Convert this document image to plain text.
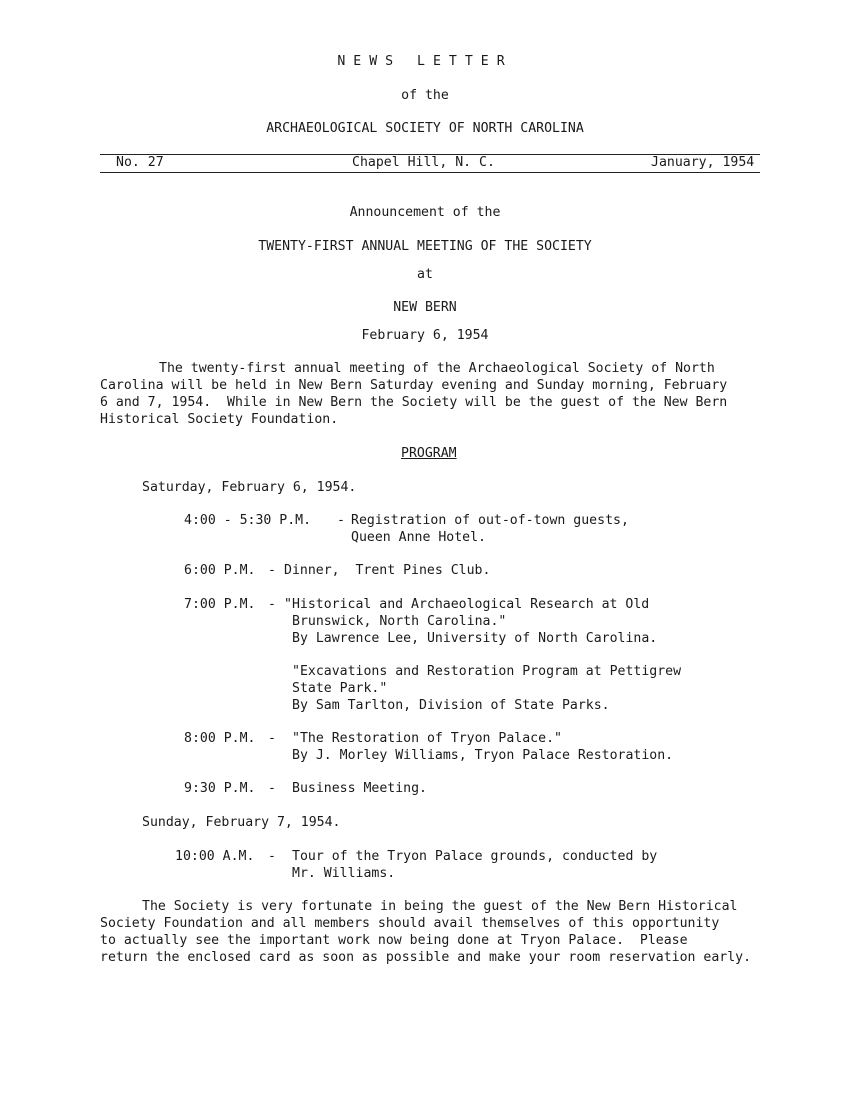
NEWS LETTER
of the
ARCHAEOLOGICAL SOCIETY OF NORTH CAROLINA
No. 27	Chapel Hill, N. C.	January, 1954
Announcement of the
TWENTY-FIRST ANNUAL MEETING OF THE SOCIETY
at
NEW BERN
February 6, 1954
The twenty-first annual meeting of the Archaeological Society of North
Carolina will be held in New Bern Saturday evening and Sunday morning, February
6 and 7, 1954.  While in New Bern the Society will be the guest of the New Bern
Historical Society Foundation.
PROGRAM
Saturday, February 6, 1954.
4:00 - 5:30 P.M. - Registration of out-of-town guests,
Queen Anne Hotel.
6:00 P.M. - Dinner,  Trent Pines Club.
7:00 P.M. - "Historical and Archaeological Research at Old
Brunswick, North Carolina."
By Lawrence Lee, University of North Carolina.
"Excavations and Restoration Program at Pettigrew
State Park."
By Sam Tarlton, Division of State Parks.
8:00 P.M. - "The Restoration of Tryon Palace."
By J. Morley Williams, Tryon Palace Restoration.
9:30 P.M. - Business Meeting.
Sunday, February 7, 1954.
10:00 A.M. - Tour of the Tryon Palace grounds, conducted by
Mr. Williams.
The Society is very fortunate in being the guest of the New Bern Historical
Society Foundation and all members should avail themselves of this opportunity
to actually see the important work now being done at Tryon Palace.  Please
return the enclosed card as soon as possible and make your room reservation early.
